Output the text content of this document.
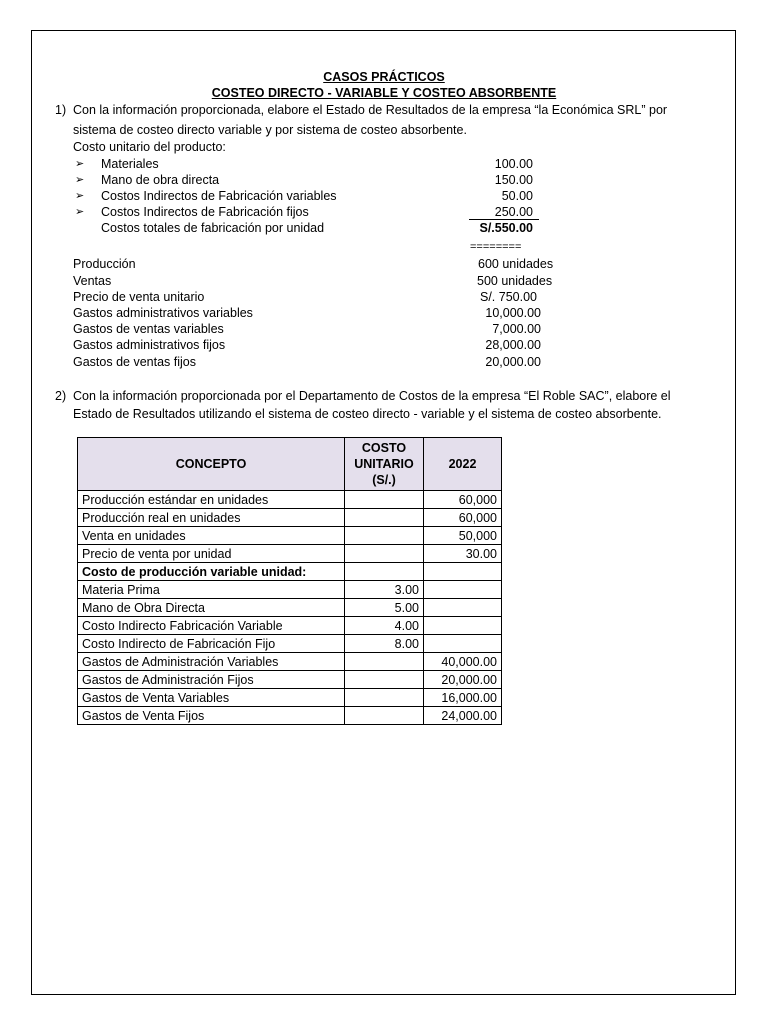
CASOS PRÁCTICOS
COSTEO DIRECTO - VARIABLE Y COSTEO ABSORBENTE
1) Con la información proporcionada, elabore el Estado de Resultados de la empresa “la Económica SRL” por
sistema de costeo directo variable y por sistema de costeo absorbente.
Costo unitario del producto:
➢ Materiales	100.00
➢ Mano de obra directa	150.00
➢ Costos Indirectos de Fabricación variables	50.00
➢ Costos Indirectos de Fabricación fijos	250.00
Costos totales de fabricación por unidad	S/.550.00
========
Producción	600 unidades
Ventas	500 unidades
Precio de venta unitario	S/. 750.00
Gastos administrativos variables	10,000.00
Gastos de ventas variables	7,000.00
Gastos administrativos fijos	28,000.00
Gastos de ventas fijos	20,000.00
2) Con la información proporcionada por el Departamento de Costos de la empresa “El Roble SAC”, elabore el
Estado de Resultados utilizando el sistema de costeo directo - variable y el sistema de costeo absorbente.
CONCEPTO	COSTO
UNITARIO
(S/.)	2022
Producción estándar en unidades		60,000
Producción real en unidades		60,000
Venta en unidades		50,000
Precio de venta por unidad		30.00
Costo de producción variable unidad:		
Materia Prima	3.00	
Mano de Obra Directa	5.00	
Costo Indirecto Fabricación Variable	4.00	
Costo Indirecto de Fabricación Fijo	8.00	
Gastos de Administración Variables		40,000.00
Gastos de Administración Fijos		20,000.00
Gastos de Venta Variables		16,000.00
Gastos de Venta Fijos		24,000.00
